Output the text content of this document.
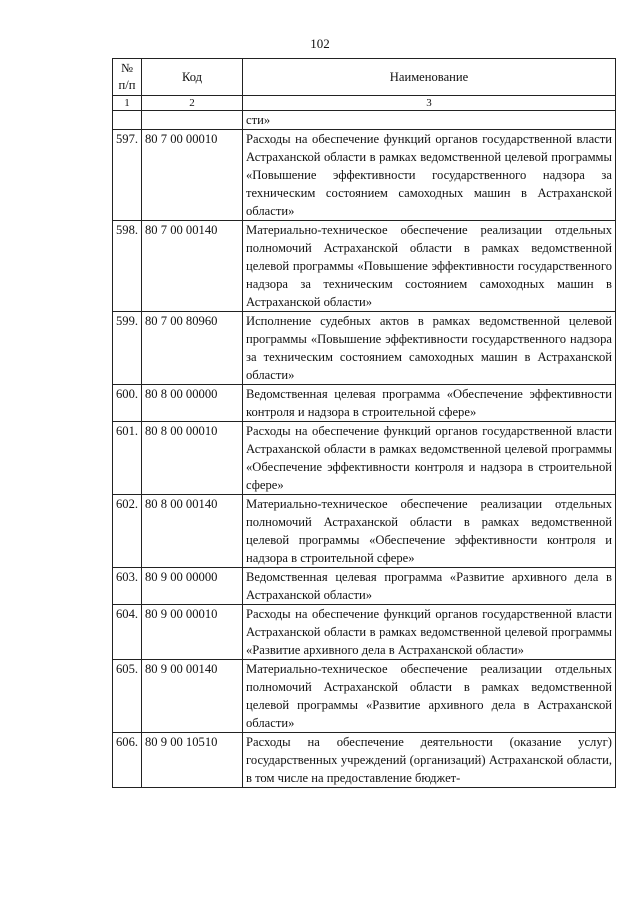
102
№ п/п	Код	Наименование
1	2	3
		сти»
597.	80 7 00 00010	Расходы на обеспечение функций органов государственной власти Астраханской области в рамках ведомственной целевой программы «Повышение эффективности государственного надзора за техническим состоянием самоходных машин в Астраханской области»
598.	80 7 00 00140	Материально-техническое обеспечение реализации отдельных полномочий Астраханской области в рамках ведомственной целевой программы «Повышение эффективности государственного надзора за техническим состоянием самоходных машин в Астраханской области»
599.	80 7 00 80960	Исполнение судебных актов в рамках ведомственной целевой программы «Повышение эффективности государственного надзора за техническим состоянием самоходных машин в Астраханской области»
600.	80 8 00 00000	Ведомственная целевая программа «Обеспечение эффективности контроля и надзора в строительной сфере»
601.	80 8 00 00010	Расходы на обеспечение функций органов государственной власти Астраханской области в рамках ведомственной целевой программы «Обеспечение эффективности контроля и надзора в строительной сфере»
602.	80 8 00 00140	Материально-техническое обеспечение реализации отдельных полномочий Астраханской области в рамках ведомственной целевой программы «Обеспечение эффективности контроля и надзора в строительной сфере»
603.	80 9 00 00000	Ведомственная целевая программа «Развитие архивного дела в Астраханской области»
604.	80 9 00 00010	Расходы на обеспечение функций органов государственной власти Астраханской области в рамках ведомственной целевой программы «Развитие архивного дела в Астраханской области»
605.	80 9 00 00140	Материально-техническое обеспечение реализации отдельных полномочий Астраханской области в рамках ведомственной целевой программы «Развитие архивного дела в Астраханской области»
606.	80 9 00 10510	Расходы на обеспечение деятельности (оказание услуг) государственных учреждений (организаций) Астраханской области, в том числе на предоставление бюджет-
